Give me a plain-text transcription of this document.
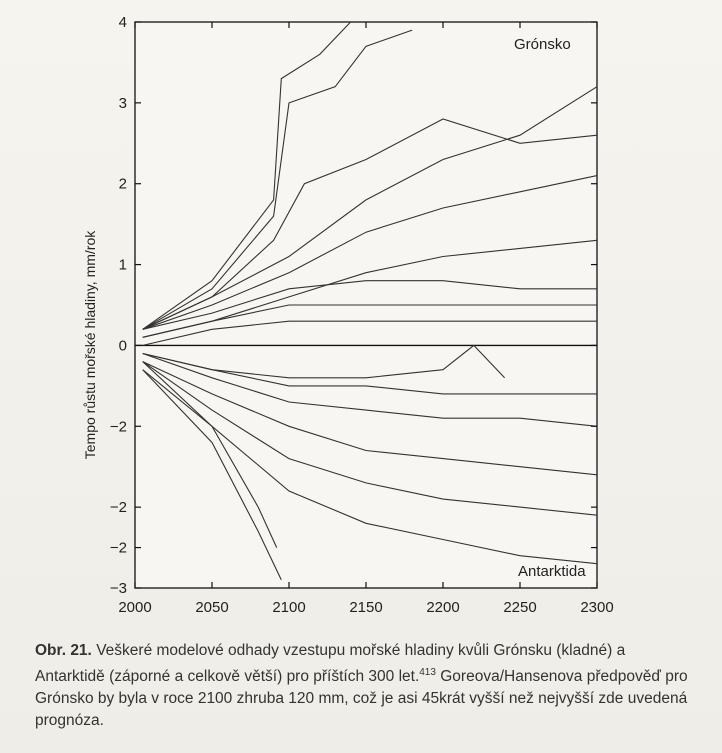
2000	2050	2100	2150	2200	2250	2300
−3
−2
−2
−2
0
1
2
3
4
Tempo růstu mořské hladiny, mm/rok
Grónsko
Antarktida
Obr. 21. Veškeré modelové odhady vzestupu mořské hladiny kvůli Grónsku (kladné) a Antarktidě (záporné a celkově větší) pro příštích 300 let.$^{413}$ Goreova/Hansenova předpověď pro Grónsko by byla v roce 2100 zhruba 120 mm, což je asi 45krát vyšší než nejvyšší zde uvedená prognóza.
